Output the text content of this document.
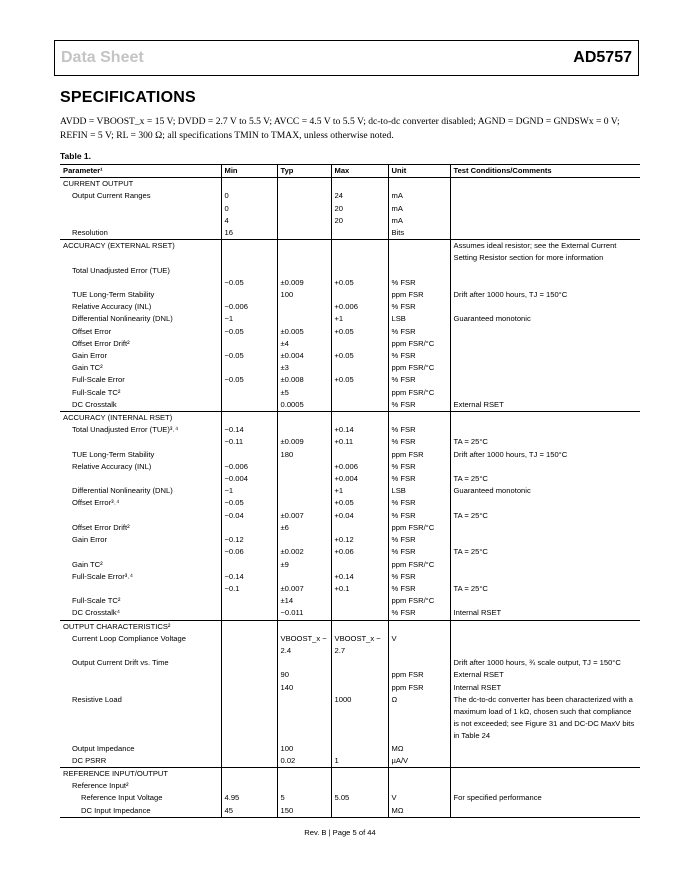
Data Sheet	AD5757
SPECIFICATIONS
AVDD = VBOOST_x = 15 V; DVDD = 2.7 V to 5.5 V; AVCC = 4.5 V to 5.5 V; dc-to-dc converter disabled; AGND = DGND = GNDSWx = 0 V; REFIN = 5 V; RL = 300 Ω; all specifications TMIN to TMAX, unless otherwise noted.
Table 1.
Parameter¹	Min	Typ	Max	Unit	Test Conditions/Comments
CURRENT OUTPUT					
Output Current Ranges	0		24	mA	
	0		20	mA	
	4		20	mA	
Resolution	16			Bits	
ACCURACY (EXTERNAL RSET)					Assumes ideal resistor; see the External Current Setting Resistor section for more information
Total Unadjusted Error (TUE)					
	−0.05	±0.009	+0.05	% FSR	
TUE Long-Term Stability		100		ppm FSR	Drift after 1000 hours, TJ = 150°C
Relative Accuracy (INL)	−0.006		+0.006	% FSR	
Differential Nonlinearity (DNL)	−1		+1	LSB	Guaranteed monotonic
Offset Error	−0.05	±0.005	+0.05	% FSR	
Offset Error Drift²		±4		ppm FSR/°C	
Gain Error	−0.05	±0.004	+0.05	% FSR	
Gain TC²		±3		ppm FSR/°C	
Full-Scale Error	−0.05	±0.008	+0.05	% FSR	
Full-Scale TC²		±5		ppm FSR/°C	
DC Crosstalk		0.0005		% FSR	External RSET
ACCURACY (INTERNAL RSET)					
Total Unadjusted Error (TUE)³˒⁴	−0.14		+0.14	% FSR	
	−0.11	±0.009	+0.11	% FSR	TA = 25°C
TUE Long-Term Stability		180		ppm FSR	Drift after 1000 hours, TJ = 150°C
Relative Accuracy (INL)	−0.006		+0.006	% FSR	
	−0.004		+0.004	% FSR	TA = 25°C
Differential Nonlinearity (DNL)	−1		+1	LSB	Guaranteed monotonic
Offset Error³˒⁴	−0.05		+0.05	% FSR	
	−0.04	±0.007	+0.04	% FSR	TA = 25°C
Offset Error Drift²		±6		ppm FSR/°C	
Gain Error	−0.12		+0.12	% FSR	
	−0.06	±0.002	+0.06	% FSR	TA = 25°C
Gain TC²		±9		ppm FSR/°C	
Full-Scale Error³˒⁴	−0.14		+0.14	% FSR	
	−0.1	±0.007	+0.1	% FSR	TA = 25°C
Full-Scale TC²		±14		ppm FSR/°C	
DC Crosstalk⁴		−0.011		% FSR	Internal RSET
OUTPUT CHARACTERISTICS²					
Current Loop Compliance Voltage		VBOOST_x − 2.4	VBOOST_x − 2.7	V	
Output Current Drift vs. Time					Drift after 1000 hours, ¾ scale output, TJ = 150°C
		90		ppm FSR	External RSET
		140		ppm FSR	Internal RSET
Resistive Load			1000	Ω	The dc-to-dc converter has been characterized with a maximum load of 1 kΩ, chosen such that compliance is not exceeded; see Figure 31 and DC-DC MaxV bits in Table 24
Output Impedance		100		MΩ	
DC PSRR		0.02	1	µA/V	
REFERENCE INPUT/OUTPUT					
Reference Input²					
Reference Input Voltage	4.95	5	5.05	V	For specified performance
DC Input Impedance	45	150		MΩ	
Rev. B | Page 5 of 44
